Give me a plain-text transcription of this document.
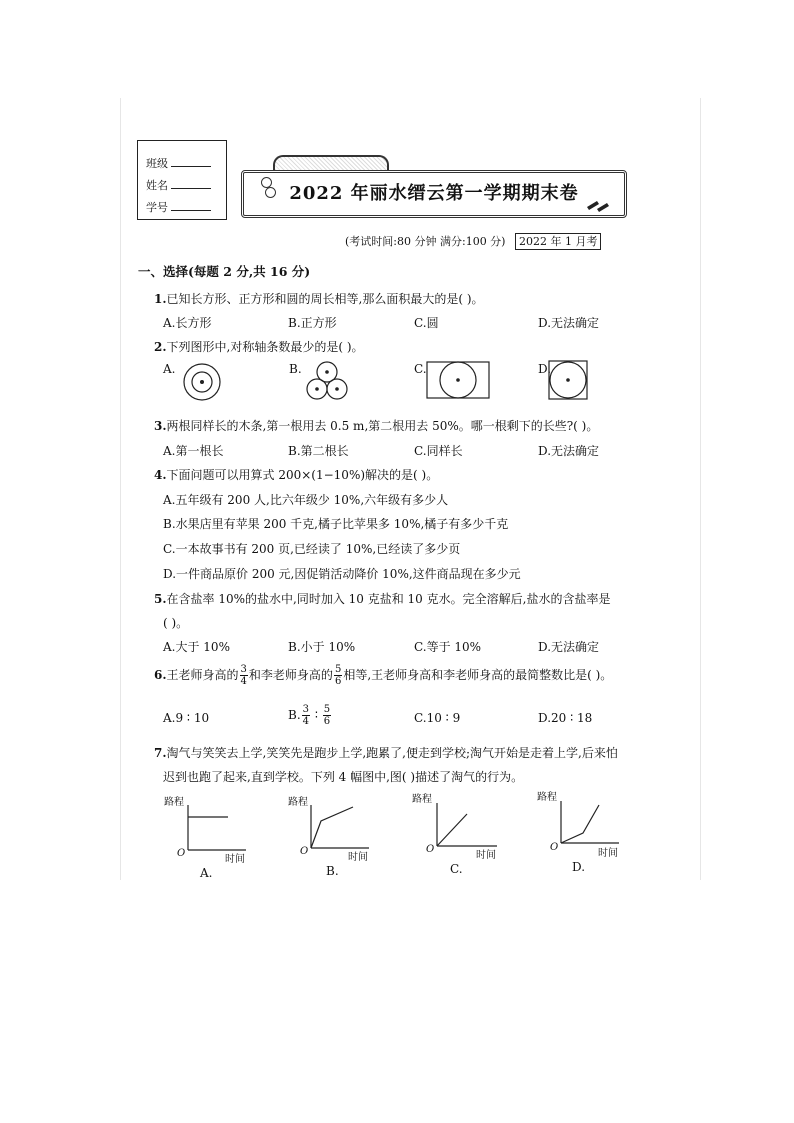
班级
姓名
学号
2022 年丽水缙云第一学期期末卷
(考试时间:80 分钟 满分:100 分) 2022 年 1 月考
一、选择(每题 2 分,共 16 分)
1.已知长方形、正方形和圆的周长相等,那么面积最大的是( )。
A.长方形	B.正方形	C.圆	D.无法确定
2.下列图形中,对称轴条数最少的是( )。
A.	B.	C.	D.
3.两根同样长的木条,第一根用去 0.5 m,第二根用去 50%。哪一根剩下的长些?( )。
A.第一根长	B.第二根长	C.同样长	D.无法确定
4.下面问题可以用算式 200×(1−10%)解决的是( )。
A.五年级有 200 人,比六年级少 10%,六年级有多少人
B.水果店里有苹果 200 千克,橘子比苹果多 10%,橘子有多少千克
C.一本故事书有 200 页,已经读了 10%,已经读了多少页
D.一件商品原价 200 元,因促销活动降价 10%,这件商品现在多少元
5.在含盐率 10%的盐水中,同时加入 10 克盐和 10 克水。完全溶解后,盐水的含盐率是
( )。
A.大于 10%	B.小于 10%	C.等于 10%	D.无法确定
6.王老师身高的 $\frac{3}{4}$ 和李老师身高的 $\frac{5}{6}$ 相等,王老师身高和李老师身高的最简整数比是( )。
A.9 ∶ 10	B. $\frac{3}{4}$ ∶ $\frac{5}{6}$	C.10 ∶ 9	D.20 ∶ 18
7.淘气与笑笑去上学,笑笑先是跑步上学,跑累了,便走到学校;淘气开始是走着上学,后来怕
迟到也跑了起来,直到学校。下列 4 幅图中,图( )描述了淘气的行为。
路程
O
时间
A.
路程
O
时间
B.
路程
O
时间
C.
路程
O
时间
D.
